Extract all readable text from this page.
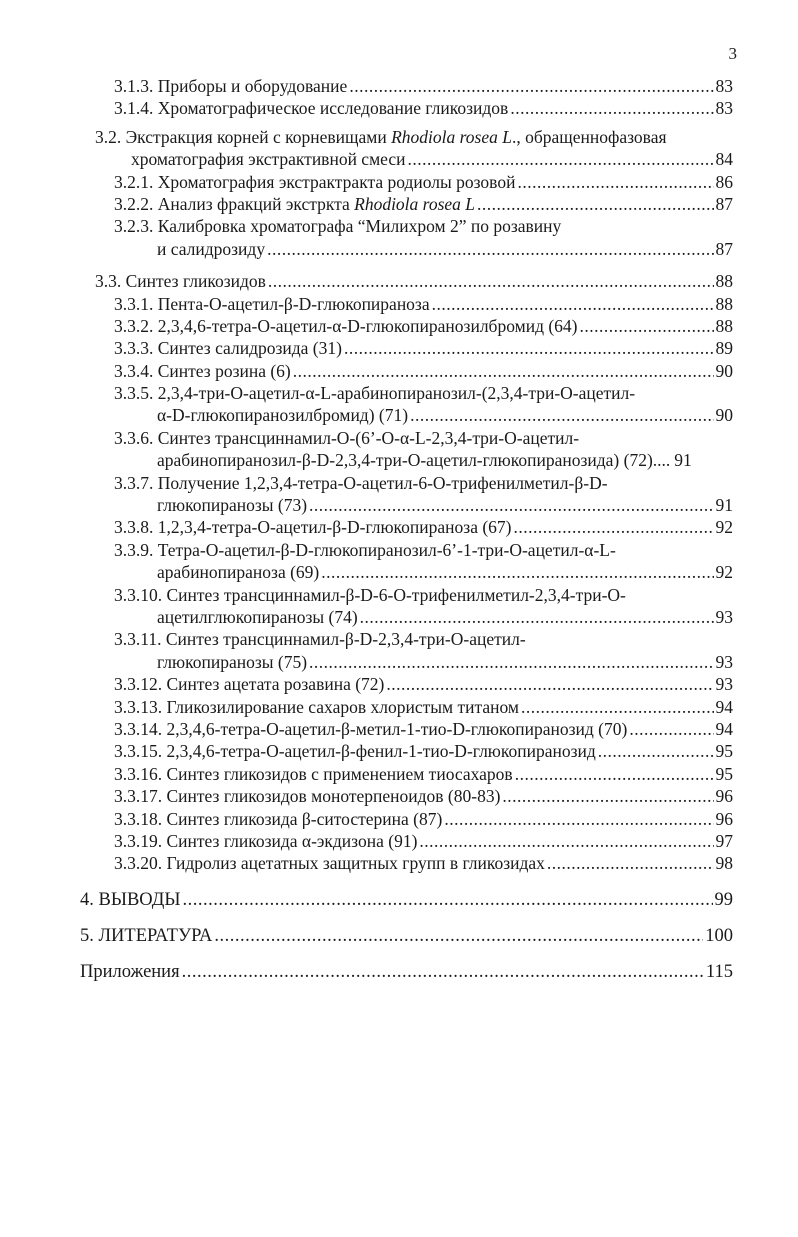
3
3.1.3. Приборы и оборудование .....	83
3.1.4. Хроматографическое исследование гликозидов .....	83
3.2. Экстракция корней с корневищами Rhodiola rosea L., обращеннофазовая
хроматография экстрактивной смеси .....	84
3.2.1. Хроматография экстрактракта родиолы розовой .....	86
3.2.2. Анализ фракций экстркта Rhodiola rosea L .....	87
3.2.3. Калибровка хроматографа “Милихром 2” по розавину
и салидрозиду .....	87
3.3. Синтез гликозидов .....	88
3.3.1. Пента-O-ацетил-β-D-глюкопираноза .....	88
3.3.2. 2,3,4,6-тетра-O-ацетил-α-D-глюкопиранозилбромид (64) .....	88
3.3.3. Синтез салидрозида (31) .....	89
3.3.4. Синтез розина (6) .....	90
3.3.5. 2,3,4-три-O-ацетил-α-L-арабинопиранозил-(2,3,4-три-O-ацетил-
α-D-глюкопиранозилбромид) (71) .....	90
3.3.6. Синтез трансциннамил-O-(6’-O-α-L-2,3,4-три-O-ацетил-
арабинопиранозил-β-D-2,3,4-три-O-ацетил-глюкопиранозида) (72).... 91
3.3.7. Получение 1,2,3,4-тетра-O-ацетил-6-O-трифенилметил-β-D-
глюкопиранозы (73) .....	91
3.3.8. 1,2,3,4-тетра-O-ацетил-β-D-глюкопираноза (67) .....	92
3.3.9. Тетра-O-ацетил-β-D-глюкопиранозил-6’-1-три-O-ацетил-α-L-
арабинопираноза (69) .....	92
3.3.10. Синтез трансциннамил-β-D-6-O-трифенилметил-2,3,4-три-O-
ацетилглюкопиранозы (74) .....	93
3.3.11. Синтез трансциннамил-β-D-2,3,4-три-O-ацетил-
глюкопиранозы (75) .....	93
3.3.12. Синтез ацетата розавина (72) .....	93
3.3.13. Гликозилирование сахаров хлористым титаном .....	94
3.3.14. 2,3,4,6-тетра-O-ацетил-β-метил-1-тио-D-глюкопиранозид (70) .....	94
3.3.15. 2,3,4,6-тетра-O-ацетил-β-фенил-1-тио-D-глюкопиранозид .....	95
3.3.16. Синтез гликозидов с применением тиосахаров .....	95
3.3.17. Синтез гликозидов монотерпеноидов (80-83) .....	96
3.3.18. Синтез гликозида β-ситостерина (87) .....	96
3.3.19. Синтез гликозида α-экдизона (91) .....	97
3.3.20. Гидролиз ацетатных защитных групп в гликозидах .....	98
4. ВЫВОДЫ .....	99
5. ЛИТЕРАТУРА .....	100
Приложения .....	115
